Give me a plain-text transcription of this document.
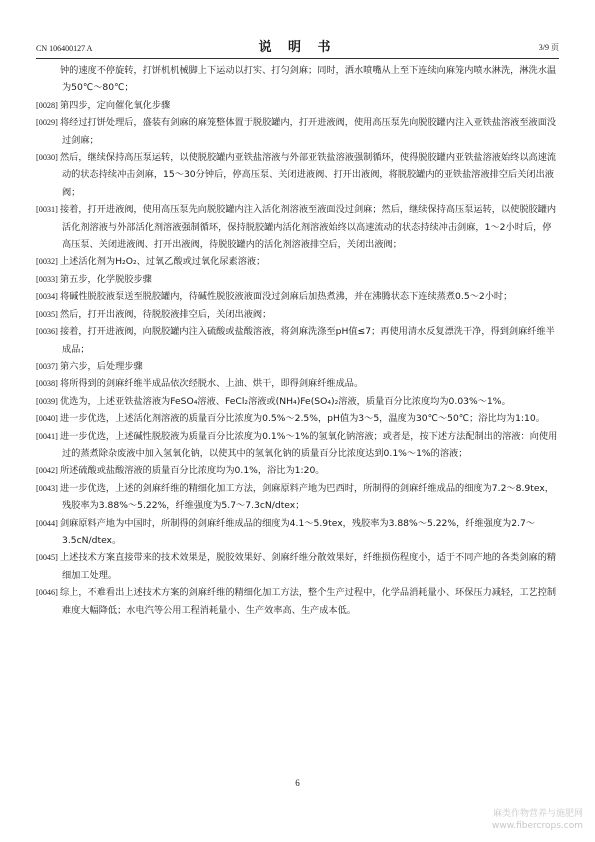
CN 106400127 A	说 明 书	3/9 页

钟的速度不停旋转，打饼机机械脚上下运动以打实、打匀剑麻；同时，洒水喷嘴从上至下连续向麻笼内喷水淋洗，淋洗水温为50℃～80℃；

[0028] 第四步，定向催化氧化步骤

[0029] 将经过打饼处理后，盛装有剑麻的麻笼整体置于脱胶罐内，打开进液阀，使用高压泵先向脱胶罐内注入亚铁盐溶液至液面没过剑麻；

[0030] 然后，继续保持高压泵运转，以使脱胶罐内亚铁盐溶液与外部亚铁盐溶液强制循环，使得脱胶罐内亚铁盐溶液始终以高速流动的状态持续冲击剑麻，15～30分钟后，停高压泵、关闭进液阀、打开出液阀，将脱胶罐内的亚铁盐溶液排空后关闭出液阀；

[0031] 接着，打开进液阀，使用高压泵先向脱胶罐内注入活化剂溶液至液面没过剑麻；然后，继续保持高压泵运转，以使脱胶罐内活化剂溶液与外部活化剂溶液强制循环，保持脱胶罐内活化剂溶液始终以高速流动的状态持续冲击剑麻，1～2小时后，停高压泵、关闭进液阀、打开出液阀，待脱胶罐内的活化剂溶液排空后，关闭出液阀；

[0032] 上述活化剂为H₂O₂、过氧乙酸或过氧化尿素溶液；

[0033] 第五步，化学脱胶步骤

[0034] 将碱性脱胶液泵送至脱胶罐内，待碱性脱胶液液面没过剑麻后加热煮沸，并在沸腾状态下连续蒸煮0.5～2小时；

[0035] 然后，打开出液阀，待脱胶液排空后，关闭出液阀；

[0036] 接着，打开进液阀，向脱胶罐内注入硫酸或盐酸溶液，将剑麻洗涤至pH值≤7；再使用清水反复漂洗干净，得到剑麻纤维半成品；

[0037] 第六步，后处理步骤

[0038] 将所得到的剑麻纤维半成品依次经脱水、上油、烘干，即得剑麻纤维成品。

[0039] 优选为，上述亚铁盐溶液为FeSO₄溶液、FeCl₂溶液或(NH₄)Fe(SO₄)₂溶液，质量百分比浓度均为0.03%～1%。

[0040] 进一步优选，上述活化剂溶液的质量百分比浓度为0.5%～2.5%，pH值为3～5，温度为30℃～50℃；浴比均为1:10。

[0041] 进一步优选，上述碱性脱胶液为质量百分比浓度为0.1%～1%的氢氧化钠溶液；或者是，按下述方法配制出的溶液：向使用过的蒸煮除杂废液中加入氢氧化钠，以使其中的氢氧化钠的质量百分比浓度达到0.1%～1%的溶液；

[0042] 所述硫酸或盐酸溶液的质量百分比浓度均为0.1%，浴比为1:20。

[0043] 进一步优选，上述的剑麻纤维的精细化加工方法，剑麻原料产地为巴西时，所制得的剑麻纤维成品的细度为7.2～8.9tex，残胶率为3.88%～5.22%，纤维强度为5.7～7.3cN/dtex；

[0044] 剑麻原料产地为中国时，所制得的剑麻纤维成品的细度为4.1～5.9tex，残胶率为3.88%～5.22%，纤维强度为2.7～3.5cN/dtex。

[0045] 上述技术方案直接带来的技术效果是，脱胶效果好、剑麻纤维分散效果好，纤维损伤程度小，适于不同产地的各类剑麻的精细加工处理。

[0046] 综上，不难看出上述技术方案的剑麻纤维的精细化加工方法，整个生产过程中，化学品消耗量小、环保压力减轻，工艺控制难度大幅降低；水电汽等公用工程消耗量小、生产效率高、生产成本低。

6
麻类作物营养与施肥网
www.fibercrops.com
